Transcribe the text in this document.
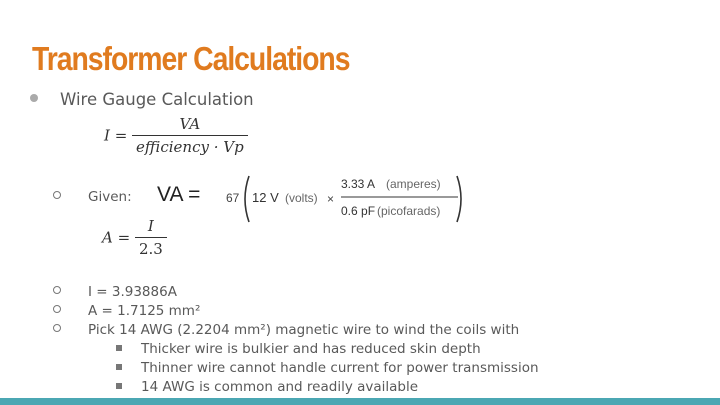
Transformer Calculations
Wire Gauge Calculation
$I = \frac{VA}{\text{efficiency · Vp}}$
Given: VA = 67 12 V (volts) ×
3.33 A (amperes)
0.6 pF (picofarads)
$A = \frac{I}{2.3}$
I = 3.93886A
A = 1.7125 mm²
Pick 14 AWG (2.2204 mm²) magnetic wire to wind the coils with
Thicker wire is bulkier and has reduced skin depth
Thinner wire cannot handle current for power transmission
14 AWG is common and readily available
